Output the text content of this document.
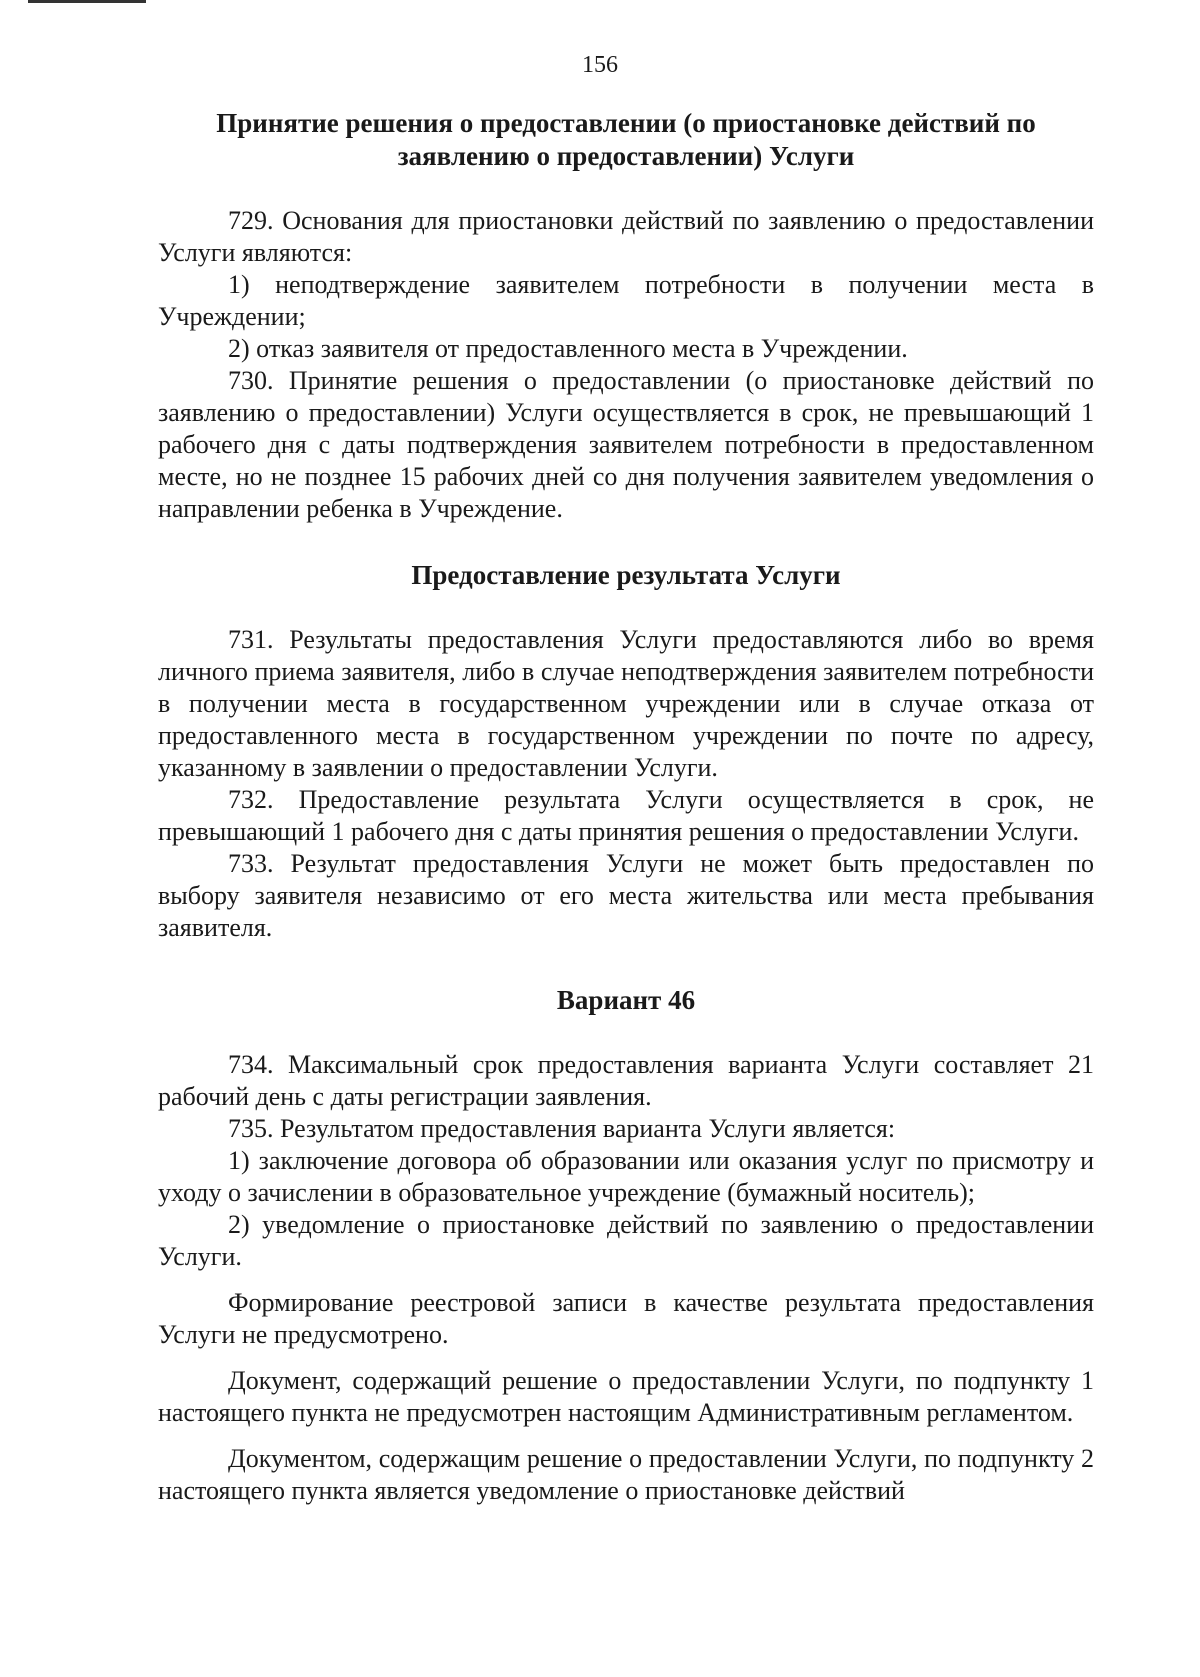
156
Принятие решения о предоставлении (о приостановке действий по заявлению о предоставлении) Услуги

729. Основания для приостановки действий по заявлению о предоставлении Услуги являются:

1) неподтверждение заявителем потребности в получении места в Учреждении;

2) отказ заявителя от предоставленного места в Учреждении.

730. Принятие решения о предоставлении (о приостановке действий по заявлению о предоставлении) Услуги осуществляется в срок, не превышающий 1 рабочего дня с даты подтверждения заявителем потребности в предоставленном месте, но не позднее 15 рабочих дней со дня получения заявителем уведомления о направлении ребенка в Учреждение.

Предоставление результата Услуги

731. Результаты предоставления Услуги предоставляются либо во время личного приема заявителя, либо в случае неподтверждения заявителем потребности в получении места в государственном учреждении или в случае отказа от предоставленного места в государственном учреждении по почте по адресу, указанному в заявлении о предоставлении Услуги.

732. Предоставление результата Услуги осуществляется в срок, не превышающий 1 рабочего дня с даты принятия решения о предоставлении Услуги.

733. Результат предоставления Услуги не может быть предоставлен по выбору заявителя независимо от его места жительства или места пребывания заявителя.

Вариант 46

734. Максимальный срок предоставления варианта Услуги составляет 21 рабочий день с даты регистрации заявления.

735. Результатом предоставления варианта Услуги является:

1) заключение договора об образовании или оказания услуг по присмотру и уходу о зачислении в образовательное учреждение (бумажный носитель);

2) уведомление о приостановке действий по заявлению о предоставлении Услуги.

Формирование реестровой записи в качестве результата предоставления Услуги не предусмотрено.

Документ, содержащий решение о предоставлении Услуги, по подпункту 1 настоящего пункта не предусмотрен настоящим Административным регламентом.

Документом, содержащим решение о предоставлении Услуги, по подпункту 2 настоящего пункта является уведомление о приостановке действий
